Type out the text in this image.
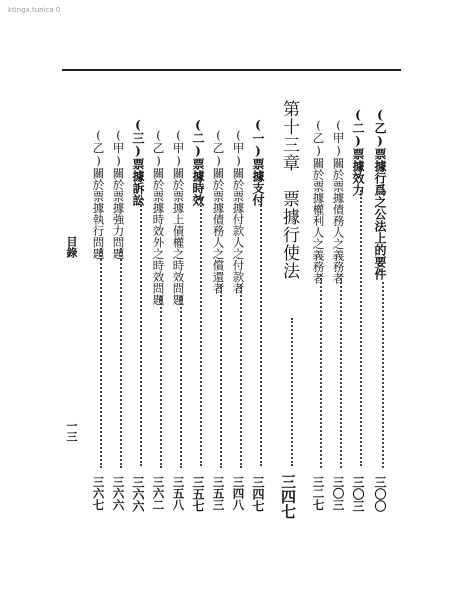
ktingx.tunica 0
目錄
一三
(乙)票據行爲之公法上的要件
三〇〇
(二)票據效力
三〇三
(甲)關於票據債務人之義務者
三〇三
(乙)關於票據權利人之義務者
三二七
第十三章　票據行使法
三四七
(一)票據支付
三四七
(甲)關於票據付款人之付款者
三四八
(乙)關於票據債務人之償還者
三五三
(二)票據時效
三五七
(甲)關於票據上債權之時效問題
三五八
(乙)關於票據時效外之時效問題
三六二
(三)票據訴訟
三六六
(甲)關於票據強力問題
三六六
(乙)關於票據執行問題
三六七
